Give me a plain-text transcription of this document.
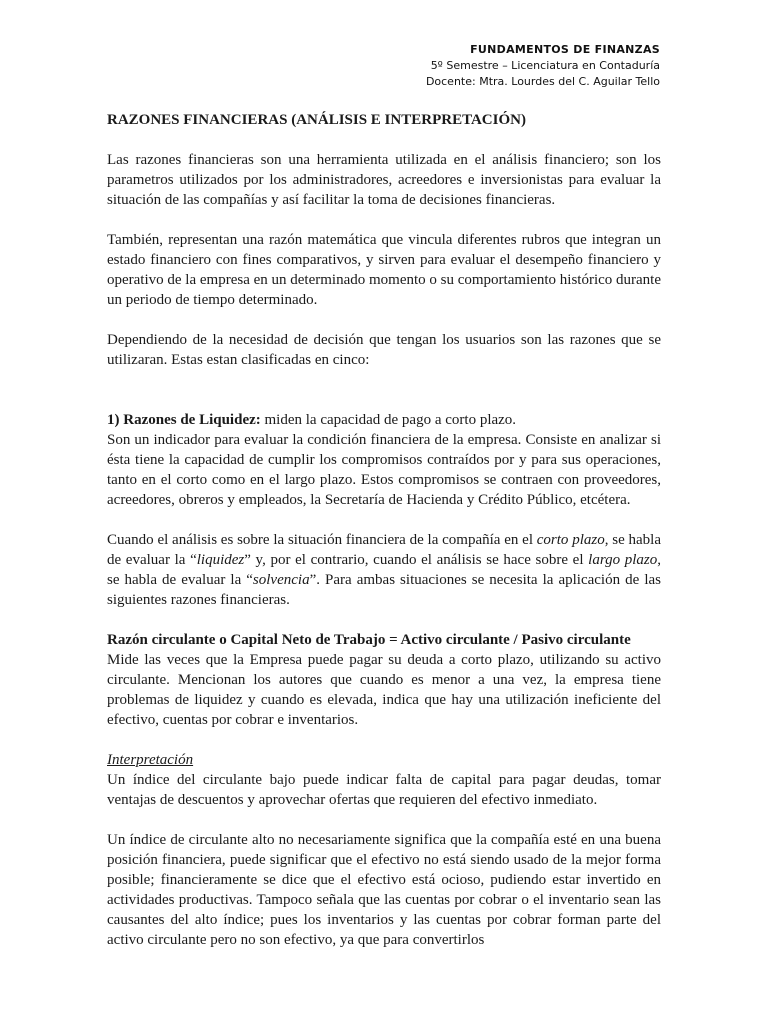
FUNDAMENTOS DE FINANZAS
5º Semestre – Licenciatura en Contaduría
Docente: Mtra. Lourdes del C. Aguilar Tello
RAZONES FINANCIERAS (ANÁLISIS E INTERPRETACIÓN)

Las razones financieras son una herramienta utilizada en el análisis financiero; son los parametros utilizados por los administradores, acreedores e inversionistas para evaluar la situación de las compañías y así facilitar la toma de decisiones financieras.

También, representan una razón matemática que vincula diferentes rubros que integran un estado financiero con fines comparativos, y sirven para evaluar el desempeño financiero y operativo de la empresa en un determinado momento o su comportamiento histórico durante un periodo de tiempo determinado.

Dependiendo de la necesidad de decisión que tengan los usuarios son las razones que se utilizaran. Estas estan clasificadas en cinco:

1) Razones de Liquidez: miden la capacidad de pago a corto plazo.

Son un indicador para evaluar la condición financiera de la empresa. Consiste en analizar si ésta tiene la capacidad de cumplir los compromisos contraídos por y para sus operaciones, tanto en el corto como en el largo plazo. Estos compromisos se contraen con proveedores, acreedores, obreros y empleados, la Secretaría de Hacienda y Crédito Público, etcétera.

Cuando el análisis es sobre la situación financiera de la compañía en el corto plazo, se habla de evaluar la “liquidez” y, por el contrario, cuando el análisis se hace sobre el largo plazo, se habla de evaluar la “solvencia”. Para ambas situaciones se necesita la aplicación de las siguientes razones financieras.

Razón circulante o Capital Neto de Trabajo = Activo circulante / Pasivo circulante

Mide las veces que la Empresa puede pagar su deuda a corto plazo, utilizando su activo circulante. Mencionan los autores que cuando es menor a una vez, la empresa tiene problemas de liquidez y cuando es elevada, indica que hay una utilización ineficiente del efectivo, cuentas por cobrar e inventarios.

Interpretación

Un índice del circulante bajo puede indicar falta de capital para pagar deudas, tomar ventajas de descuentos y aprovechar ofertas que requieren del efectivo inmediato.

Un índice de circulante alto no necesariamente significa que la compañía esté en una buena posición financiera, puede significar que el efectivo no está siendo usado de la mejor forma posible; financieramente se dice que el efectivo está ocioso, pudiendo estar invertido en actividades productivas. Tampoco señala que las cuentas por cobrar o el inventario sean las causantes del alto índice; pues los inventarios y las cuentas por cobrar forman parte del activo circulante pero no son efectivo, ya que para convertirlos
